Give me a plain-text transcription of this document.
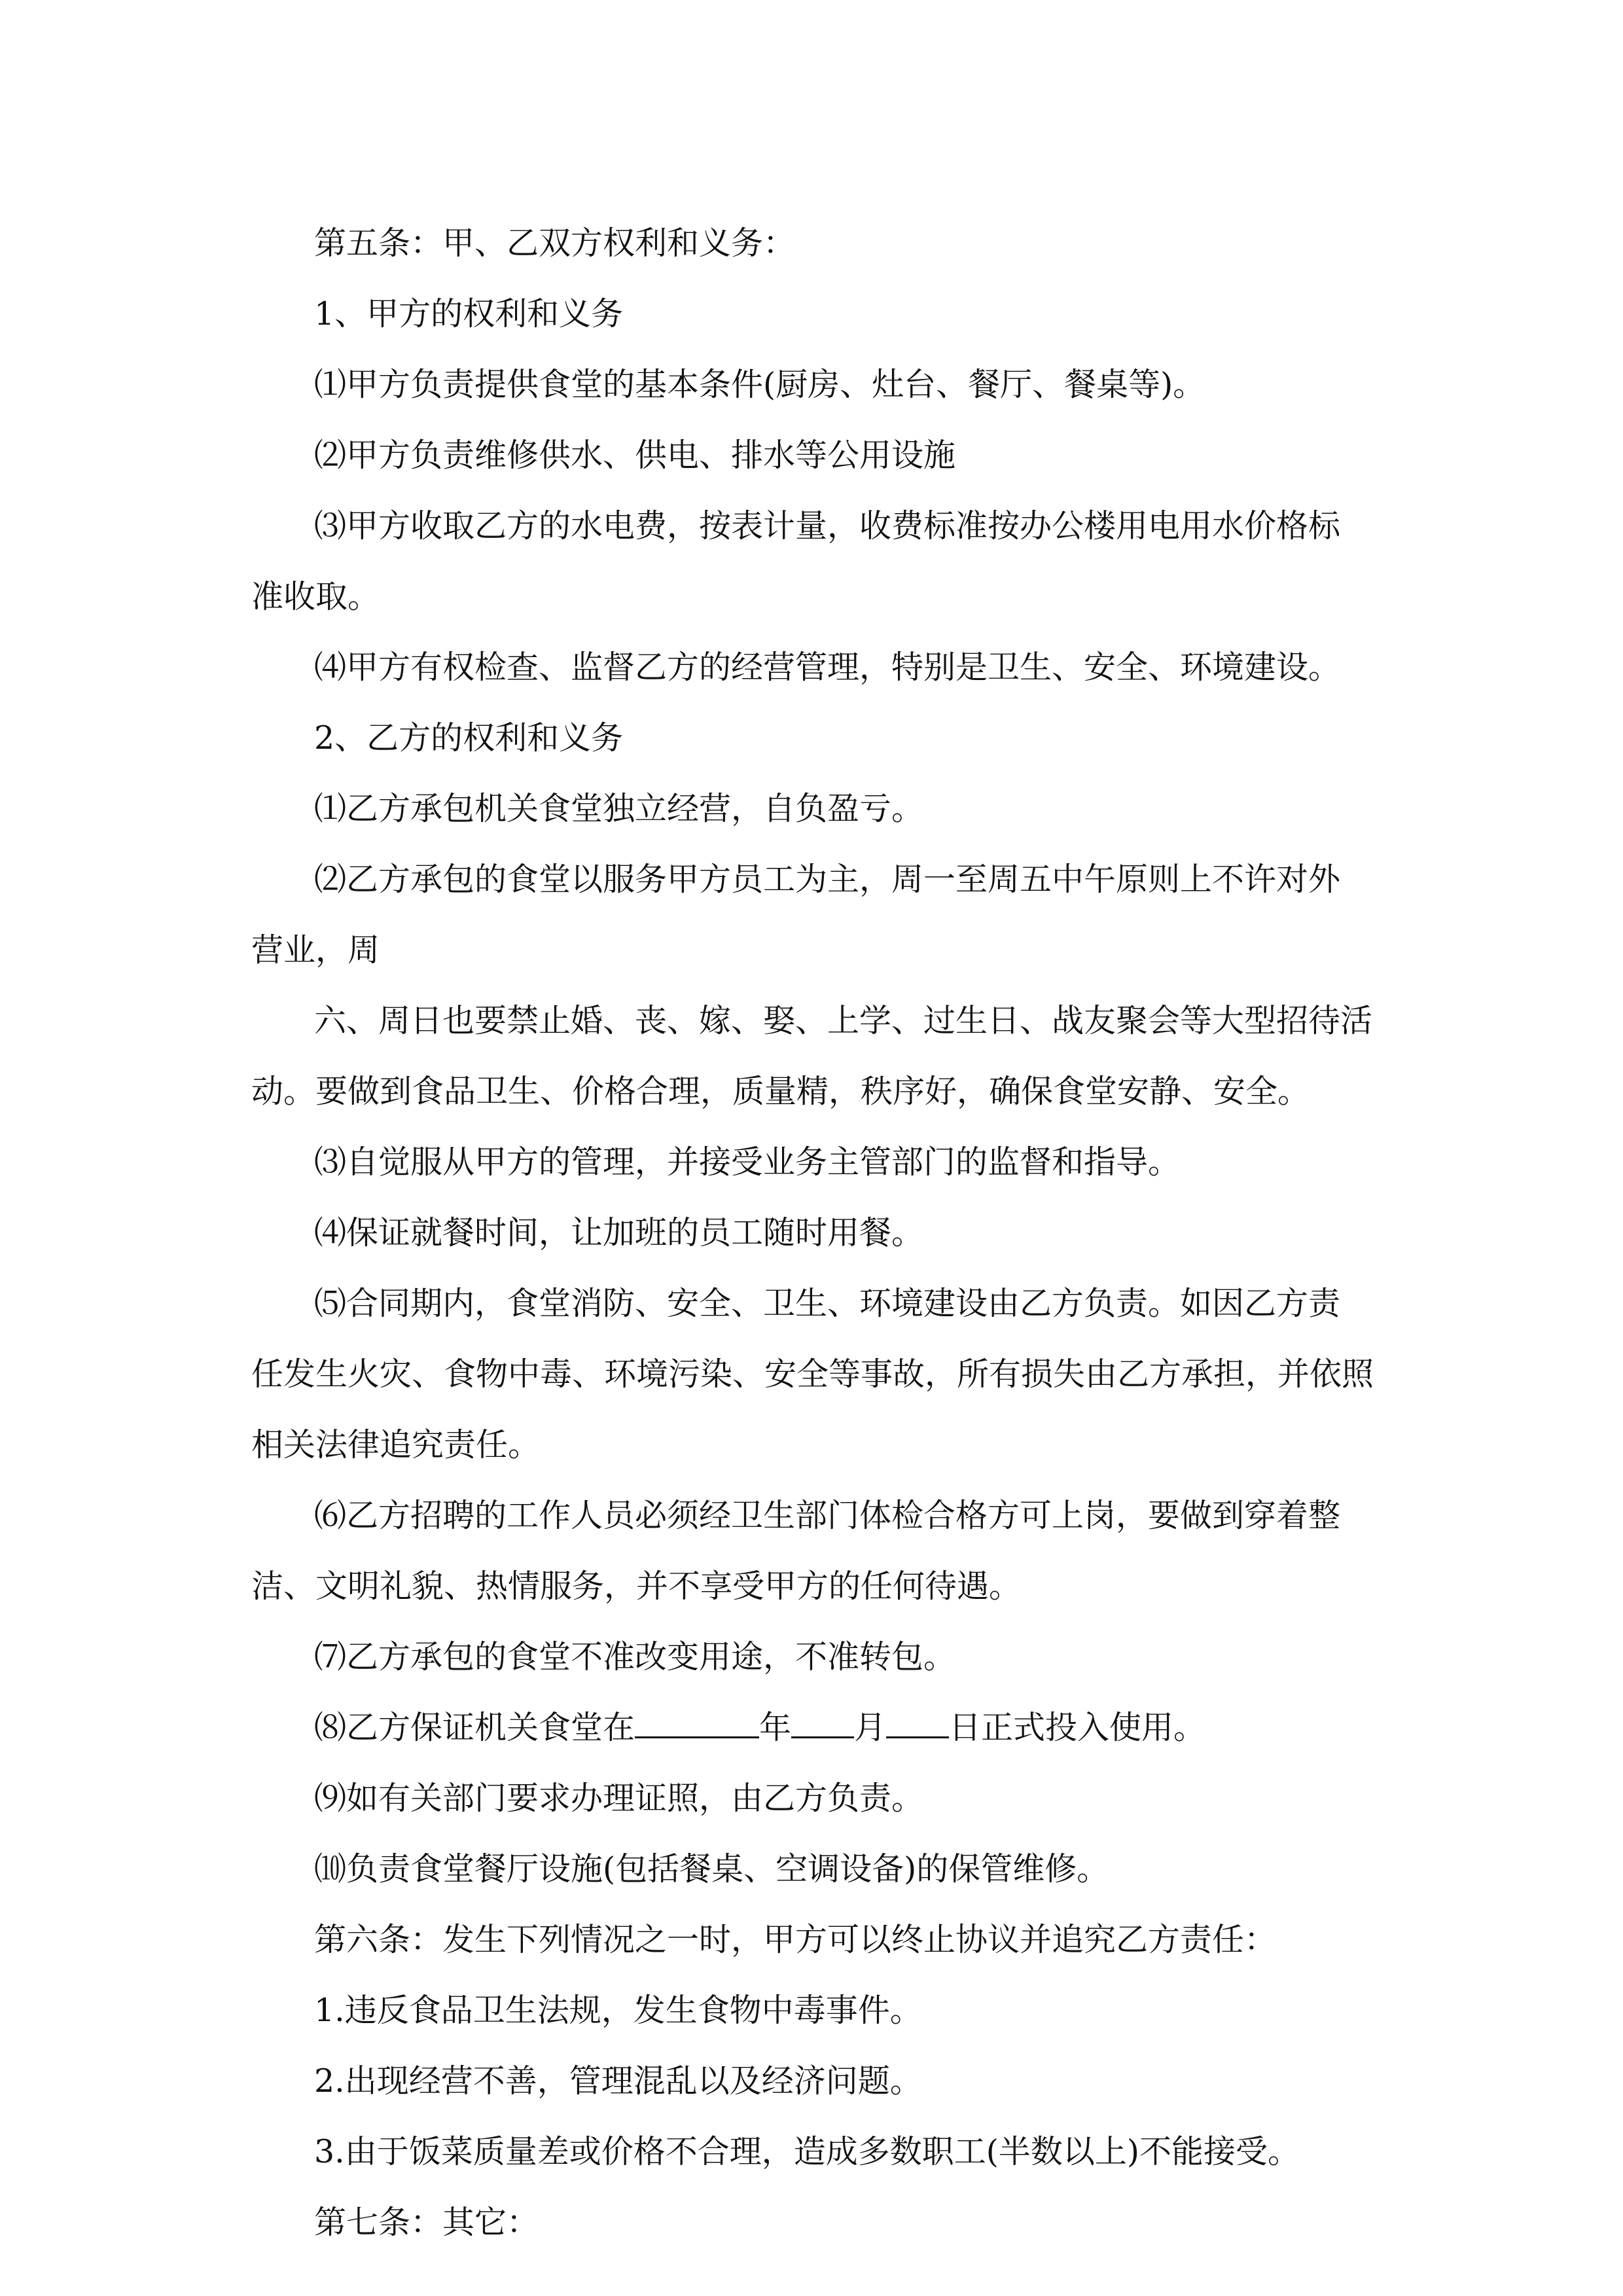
第五条：甲、乙双方权利和义务：
1、甲方的权利和义务
⑴甲方负责提供食堂的基本条件(厨房、灶台、餐厅、餐桌等)。
⑵甲方负责维修供水、供电、排水等公用设施
⑶甲方收取乙方的水电费，按表计量，收费标准按办公楼用电用水价格标
准收取。
⑷甲方有权检查、监督乙方的经营管理，特别是卫生、安全、环境建设。
2、乙方的权利和义务
⑴乙方承包机关食堂独立经营，自负盈亏。
⑵乙方承包的食堂以服务甲方员工为主，周一至周五中午原则上不许对外
营业，周
六、周日也要禁止婚、丧、嫁、娶、上学、过生日、战友聚会等大型招待活
动。要做到食品卫生、价格合理，质量精，秩序好，确保食堂安静、安全。
⑶自觉服从甲方的管理，并接受业务主管部门的监督和指导。
⑷保证就餐时间，让加班的员工随时用餐。
⑸合同期内，食堂消防、安全、卫生、环境建设由乙方负责。如因乙方责
任发生火灾、食物中毒、环境污染、安全等事故，所有损失由乙方承担，并依照
相关法律追究责任。
⑹乙方招聘的工作人员必须经卫生部门体检合格方可上岗，要做到穿着整
洁、文明礼貌、热情服务，并不享受甲方的任何待遇。
⑺乙方承包的食堂不准改变用途，不准转包。
⑻乙方保证机关食堂在	年 月 日正式投入使用。
⑼如有关部门要求办理证照，由乙方负责。
⑽负责食堂餐厅设施(包括餐桌、空调设备)的保管维修。
第六条：发生下列情况之一时，甲方可以终止协议并追究乙方责任：
1.违反食品卫生法规，发生食物中毒事件。
2.出现经营不善，管理混乱以及经济问题。
3.由于饭菜质量差或价格不合理，造成多数职工(半数以上)不能接受。
第七条：其它：
